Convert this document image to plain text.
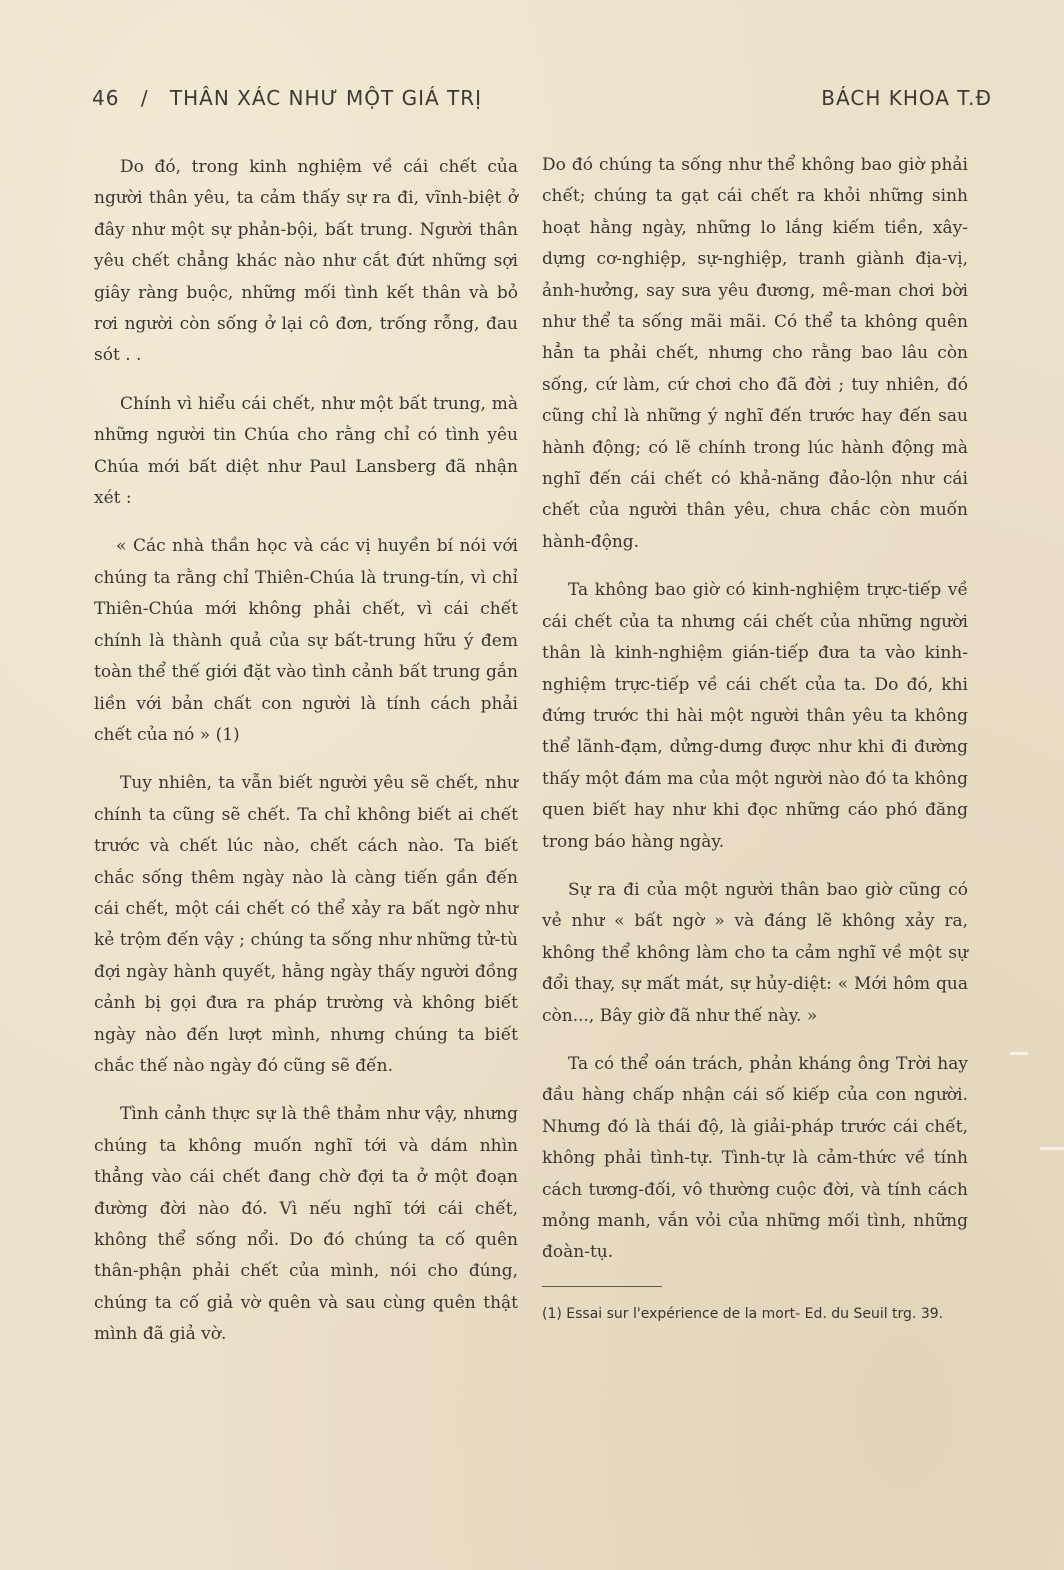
46 / THÂN XÁC NHƯ MỘT GIÁ TRỊ	BÁCH KHOA T.Đ

Do đó, trong kinh nghiệm về cái chết của người thân yêu, ta cảm thấy sự ra đi, vĩnh-biệt ở đây như một sự phản-bội, bất trung. Người thân yêu chết chẳng khác nào như cắt đứt những sợi giây ràng buộc, những mối tình kết thân và bỏ rơi người còn sống ở lại cô đơn, trống rỗng, đau sót . .

Chính vì hiểu cái chết, như một bất trung, mà những người tin Chúa cho rằng chỉ có tình yêu Chúa mới bất diệt như Paul Lansberg đã nhận xét :

« Các nhà thần học và các vị huyền bí nói với chúng ta rằng chỉ Thiên-Chúa là trung-tín, vì chỉ Thiên-Chúa mới không phải chết, vì cái chết chính là thành quả của sự bất-trung hữu ý đem toàn thể thế giới đặt vào tình cảnh bất trung gắn liền với bản chất con người là tính cách phải chết của nó » (1)

Tuy nhiên, ta vẫn biết người yêu sẽ chết, như chính ta cũng sẽ chết. Ta chỉ không biết ai chết trước và chết lúc nào, chết cách nào. Ta biết chắc sống thêm ngày nào là càng tiến gần đến cái chết, một cái chết có thể xảy ra bất ngờ như kẻ trộm đến vậy ; chúng ta sống như những tử-tù đợi ngày hành quyết, hằng ngày thấy người đồng cảnh bị gọi đưa ra pháp trường và không biết ngày nào đến lượt mình, nhưng chúng ta biết chắc thế nào ngày đó cũng sẽ đến.

Tình cảnh thực sự là thê thảm như vậy, nhưng chúng ta không muốn nghĩ tới và dám nhìn thẳng vào cái chết đang chờ đợi ta ở một đoạn đường đời nào đó. Vì nếu nghĩ tới cái chết, không thể sống nổi. Do đó chúng ta cố quên thân-phận phải chết của mình, nói cho đúng, chúng ta cố giả vờ quên và sau cùng quên thật mình đã giả vờ.

Do đó chúng ta sống như thể không bao giờ phải chết; chúng ta gạt cái chết ra khỏi những sinh hoạt hằng ngày, những lo lắng kiếm tiền, xây-dựng cơ-nghiệp, sự-nghiệp, tranh giành địa-vị, ảnh-hưởng, say sưa yêu đương, mê-man chơi bời như thể ta sống mãi mãi. Có thể ta không quên hẳn ta phải chết, nhưng cho rằng bao lâu còn sống, cứ làm, cứ chơi cho đã đời ; tuy nhiên, đó cũng chỉ là những ý nghĩ đến trước hay đến sau hành động; có lẽ chính trong lúc hành động mà nghĩ đến cái chết có khả-năng đảo-lộn như cái chết của người thân yêu, chưa chắc còn muốn hành-động.

Ta không bao giờ có kinh-nghiệm trực-tiếp về cái chết của ta nhưng cái chết của những người thân là kinh-nghiệm gián-tiếp đưa ta vào kinh-nghiệm trực-tiếp về cái chết của ta. Do đó, khi đứng trước thi hài một người thân yêu ta không thể lãnh-đạm, dửng-dưng được như khi đi đường thấy một đám ma của một người nào đó ta không quen biết hay như khi đọc những cáo phó đăng trong báo hàng ngày.

Sự ra đi của một người thân bao giờ cũng có vẻ như « bất ngờ » và đáng lẽ không xảy ra, không thể không làm cho ta cảm nghĩ về một sự đổi thay, sự mất mát, sự hủy-diệt: « Mới hôm qua còn..., Bây giờ đã như thế này. »

Ta có thể oán trách, phản kháng ông Trời hay đầu hàng chấp nhận cái số kiếp của con người. Nhưng đó là thái độ, là giải-pháp trước cái chết, không phải tình-tự. Tình-tự là cảm-thức về tính cách tương-đối, vô thường cuộc đời, và tính cách mỏng manh, vắn vỏi của những mối tình, những đoàn-tụ.

(1) Essai sur l'expérience de la mort- Ed. du Seuil trg. 39.
